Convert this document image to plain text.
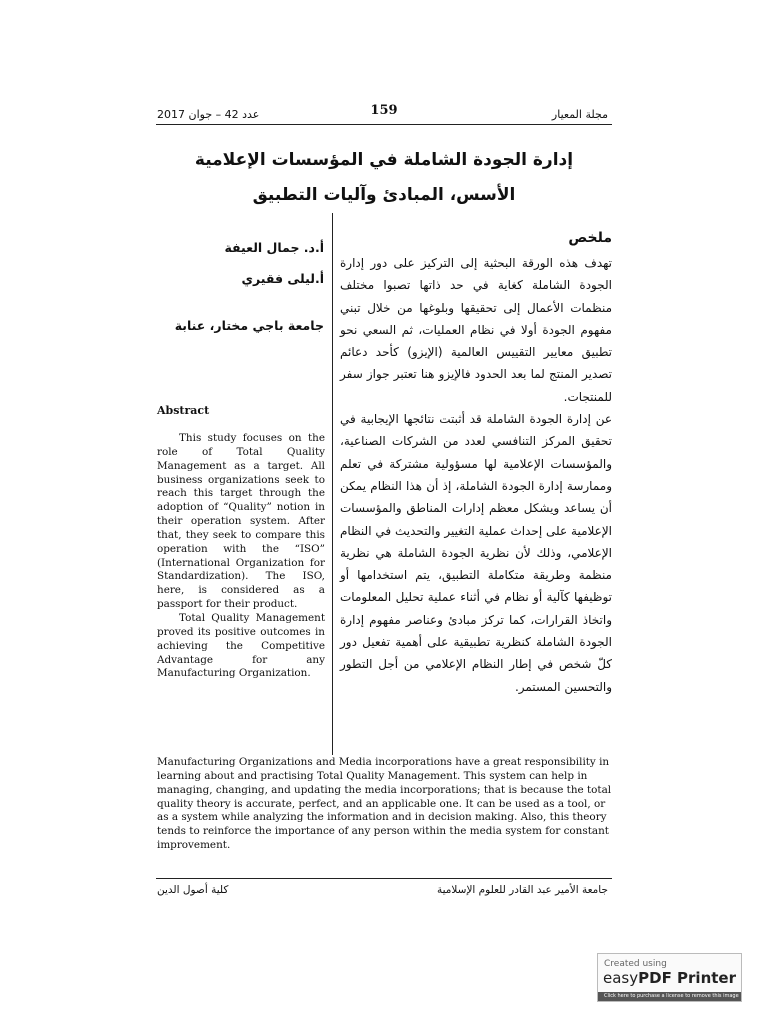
مجلة المعيار
159
عدد 42 – جوان 2017
إدارة الجودة الشاملة في المؤسسات الإعلامية
الأسس، المبادئ وآليات التطبيق
ملخص

تهدف هذه الورقة البحثية إلى التركيز على دور إدارة الجودة الشاملة كغاية في حد ذاتها تصبوا مختلف منظمات الأعمال إلى تحقيقها وبلوغها من خلال تبني مفهوم الجودة أولا في نظام العمليات، ثم السعي نحو تطبيق معايير التقييس العالمية (الإيزو) كأحد دعائم تصدير المنتج لما بعد الحدود فالإيزو هنا تعتبر جواز سفر للمنتجات.

عن إدارة الجودة الشاملة قد أثبتت نتائجها الإيجابية في تحقيق المركز التنافسي لعدد من الشركات الصناعية، والمؤسسات الإعلامية لها مسؤولية مشتركة في تعلم وممارسة إدارة الجودة الشاملة، إذ أن هذا النظام يمكن أن يساعد ويشكل معظم إدارات المناطق والمؤسسات الإعلامية على إحداث عملية التغيير والتحديث في النظام الإعلامي، وذلك لأن نظرية الجودة الشاملة هي نظرية منظمة وطريقة متكاملة التطبيق، يتم استخدامها أو توظيفها كآلية أو نظام في أثناء عملية تحليل المعلومات واتخاذ القرارات، كما تركز مبادئ وعناصر مفهوم إدارة الجودة الشاملة كنظرية تطبيقية على أهمية تفعيل دور كلّ شخص في إطار النظام الإعلامي من أجل التطور والتحسين المستمر.

أ.د. جمال العيفة
أ.ليلى فقيري
جامعة باجي مختار، عنابة
Abstract

This study focuses on the role of Total Quality Management as a target. All business organizations seek to reach this target through the adoption of “Quality” notion in their operation system. After that, they seek to compare this operation with the “ISO” (International Organization for Standardization). The ISO, here, is considered as a passport for their product.

Total Quality Management proved its positive outcomes in achieving the Competitive Advantage for any Manufacturing Organization.

Manufacturing Organizations and Media incorporations have a great responsibility in learning about and practising Total Quality Management. This system can help in managing, changing, and updating the media incorporations; that is because the total quality theory is accurate, perfect, and an applicable one. It can be used as a tool, or as a system while analyzing the information and in decision making. Also, this theory tends to reinforce the importance of any person within the media system for constant improvement.
جامعة الأمير عبد القادر للعلوم الإسلامية
كلية أصول الدين
Created using
easyPDF Printer
Click here to purchase a license to remove this image
